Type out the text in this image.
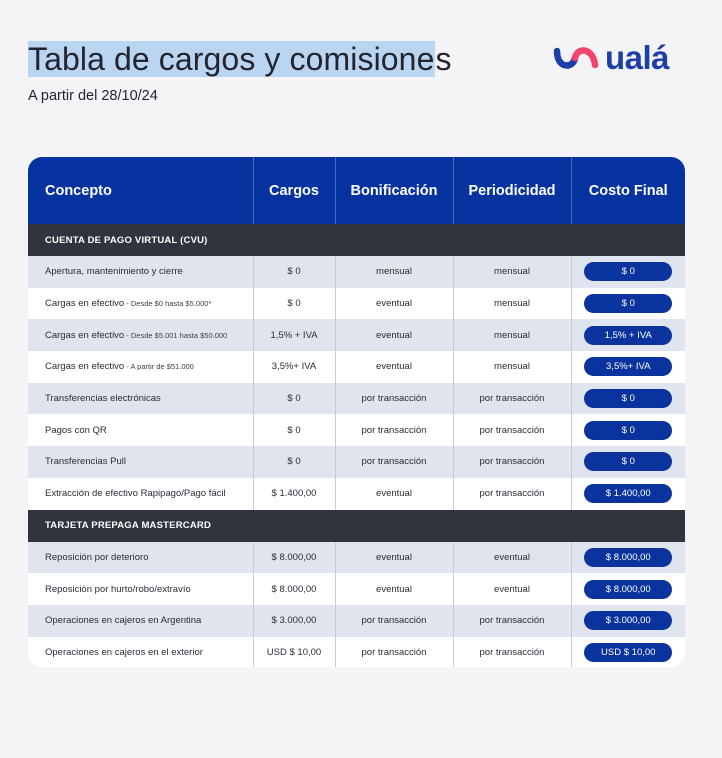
Tabla de cargos y comisiones
A partir del 28/10/24
ualá
Concepto	Cargos	Bonificación	Periodicidad	Costo Final
CUENTA DE PAGO VIRTUAL (CVU)				
Apertura, mantenimiento y cierre	$ 0	mensual	mensual	$ 0
Cargas en efectivo - Desde $0 hasta $5.000*	$ 0	eventual	mensual	$ 0
Cargas en efectivo - Desde $5.001 hasta $50.000	1,5% + IVA	eventual	mensual	1,5% + IVA
Cargas en efectivo - A partir de $51.000	3,5%+ IVA	eventual	mensual	3,5%+ IVA
Transferencias electrónicas	$ 0	por transacción	por transacción	$ 0
Pagos con QR	$ 0	por transacción	por transacción	$ 0
Transferencias Pull	$ 0	por transacción	por transacción	$ 0
Extracción de efectivo Rapipago/Pago fácil	$ 1.400,00	eventual	por transacción	$ 1.400,00
TARJETA PREPAGA MASTERCARD				
Reposición por deterioro	$ 8.000,00	eventual	eventual	$ 8.000,00
Reposición por hurto/robo/extravío	$ 8.000,00	eventual	eventual	$ 8.000,00
Operaciones en cajeros en Argentina	$ 3.000,00	por transacción	por transacción	$ 3.000,00
Operaciones en cajeros en el exterior	USD $ 10,00	por transacción	por transacción	USD $ 10,00
